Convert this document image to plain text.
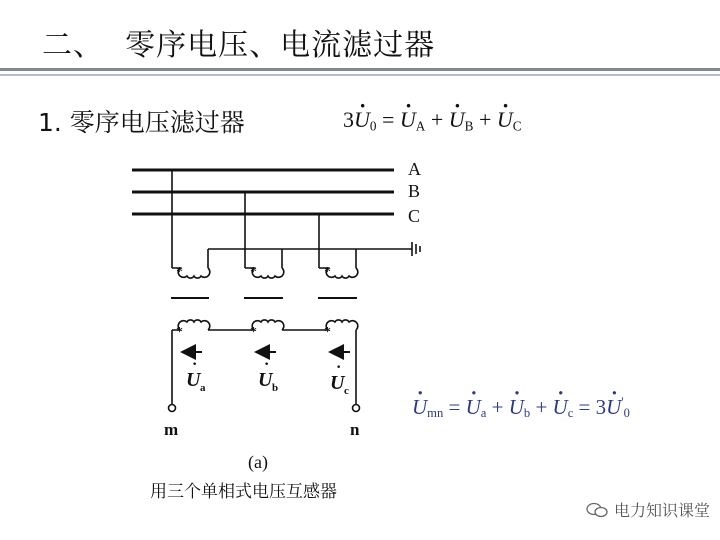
二、  零序电压、电流滤过器
1. 零序电压滤过器	$3\cdot U_0$ = · $U_A$ + · $U_B$ + · $U_C$
· $U_{mn}$ = · $U_a$ + · $U_b$ + · $U_c = 3\cdot U'_0$
A
B
C
*	*	*
*	*	*
U a	U b	U c
·	·	·
m	n
(a)
用三个单相式电压互感器
电力知识课堂
